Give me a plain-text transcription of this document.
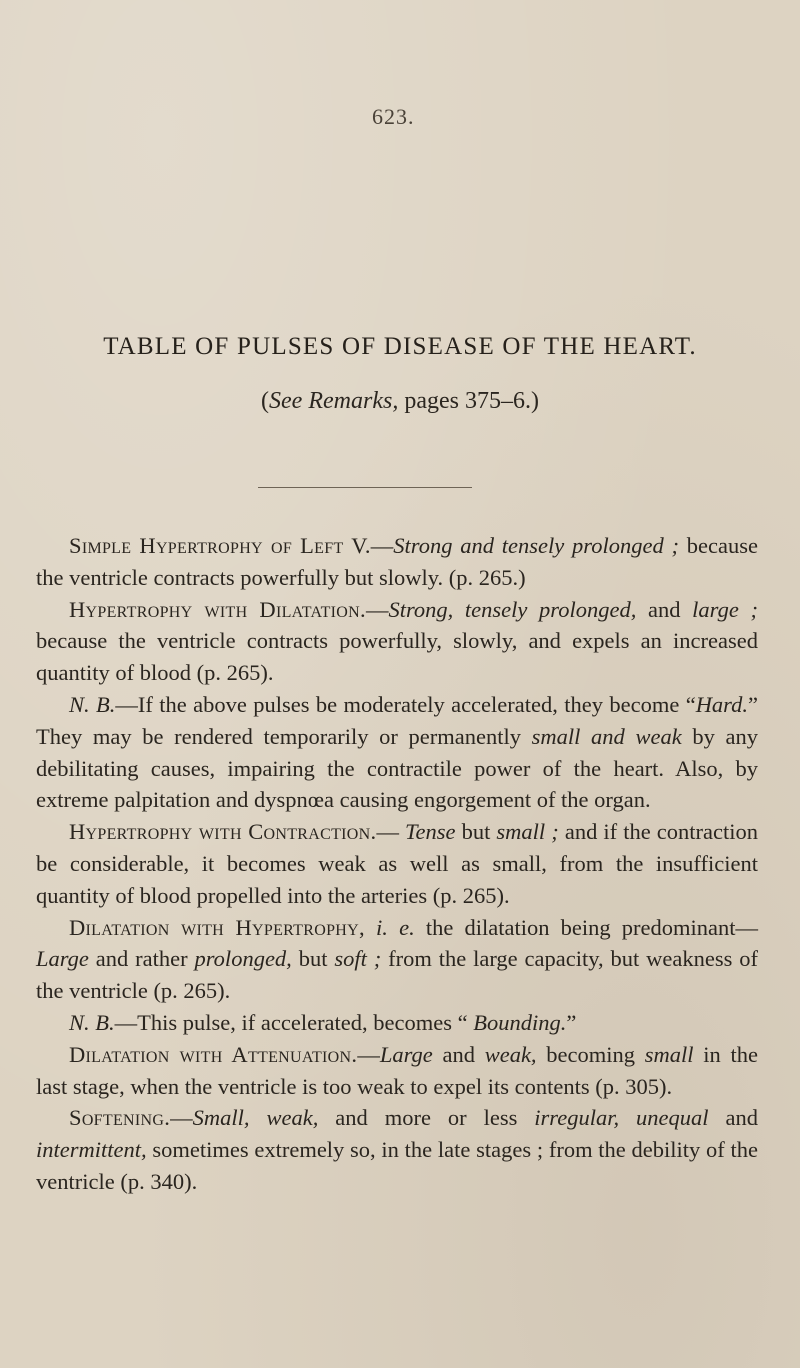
623.
TABLE OF PULSES OF DISEASE OF THE HEART.
(See Remarks, pages 375–6.)

Simple Hypertrophy of Left V.—Strong and tensely prolonged ; because the ventricle contracts powerfully but slowly. (p. 265.)

Hypertrophy with Dilatation.—Strong, tensely prolonged, and large ; because the ventricle contracts powerfully, slowly, and expels an increased quantity of blood (p. 265).

N. B.—If the above pulses be moderately accelerated, they become “Hard.” They may be rendered temporarily or permanently small and weak by any debilitating causes, impairing the contractile power of the heart. Also, by extreme palpitation and dyspnœa causing engorgement of the organ.

Hypertrophy with Contraction.— Tense but small ; and if the contraction be considerable, it becomes weak as well as small, from the insufficient quantity of blood propelled into the arteries (p. 265).

Dilatation with Hypertrophy, i. e. the dilatation being predominant—Large and rather prolonged, but soft ; from the large capacity, but weakness of the ventricle (p. 265).

N. B.—This pulse, if accelerated, becomes “ Bounding.”

Dilatation with Attenuation.—Large and weak, becoming small in the last stage, when the ventricle is too weak to expel its contents (p. 305).

Softening.—Small, weak, and more or less irregular, unequal and intermittent, sometimes extremely so, in the late stages ; from the debility of the ventricle (p. 340).
